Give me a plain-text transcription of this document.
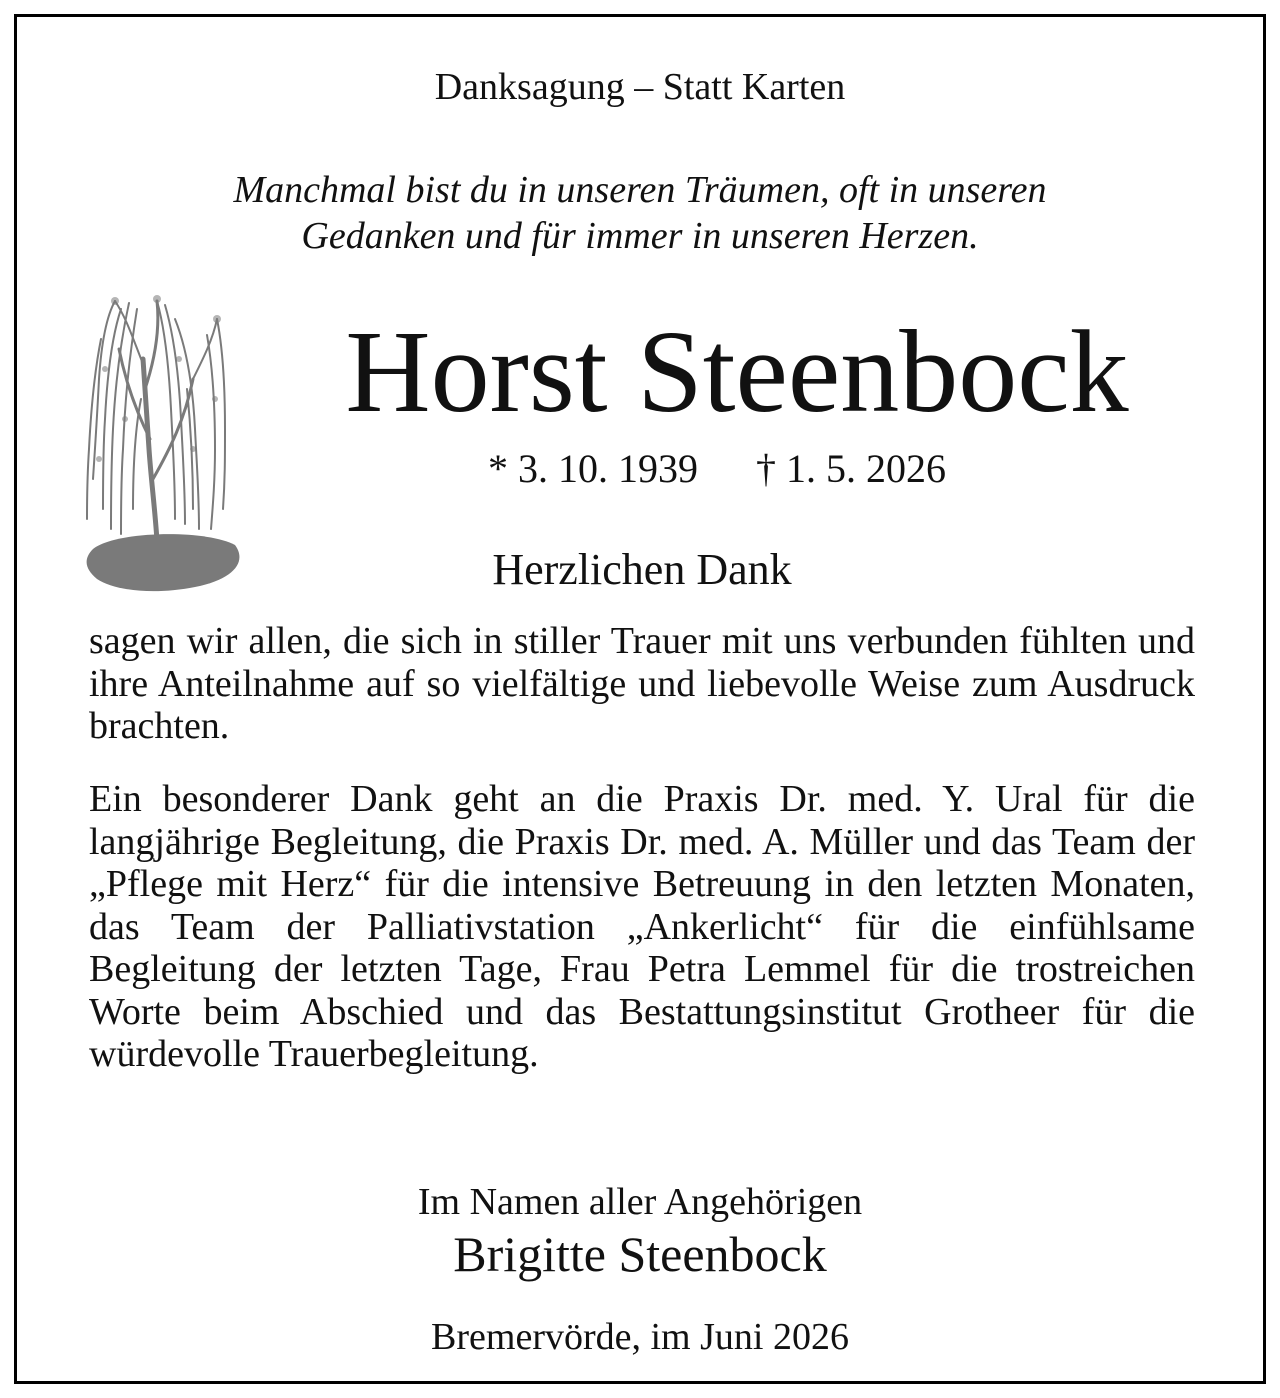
Danksagung – Statt Karten
Manchmal bist du in unseren Träumen, oft in unseren
Gedanken und für immer in unseren Herzen.
Horst Steenbock
* 3. 10. 1939 † 1. 5. 2026
Herzlichen Dank
sagen wir allen, die sich in stiller Trauer mit uns verbunden fühlten und ihre Anteilnahme auf so vielfältige und liebevolle Weise zum Ausdruck brachten.
Ein besonderer Dank geht an die Praxis Dr. med. Y. Ural für die langjährige Begleitung, die Praxis Dr. med. A. Müller und das Team der „Pflege mit Herz“ für die intensive Betreuung in den letzten Monaten, das Team der Palliativstation „Ankerlicht“ für die einfühlsame Begleitung der letzten Tage, Frau Petra Lemmel für die trostreichen Worte beim Abschied und das Bestattungsinstitut Grotheer für die würdevolle Trauerbegleitung.
Im Namen aller Angehörigen
Brigitte Steenbock
Bremervörde, im Juni 2026
